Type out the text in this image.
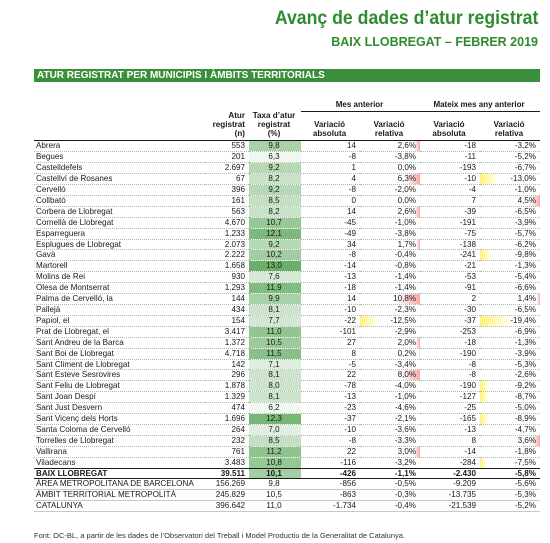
Avanç de dades d’atur registrat
BAIX LLOBREGAT – FEBRER 2019
ATUR REGISTRAT PER MUNICIPIS I ÀMBITS TERRITORIALS
			Mes anterior		Mateix mes any anterior	
	Atur registrat (n)	Taxa d’atur registrat (%)	Variació absoluta	Variació relativa	Variació absoluta	Variació relativa
Abrera	553	9,8	14	2,6%	-18	-3,2%
Begues	201	6,3	-8	-3,8%	-11	-5,2%
Castelldefels	2.697	9,2	1	0,0%	-193	-6,7%
Castellví de Rosanes	67	8,2	4	6,3%	-10	-13,0%
Cervelló	396	9,2	-8	-2,0%	-4	-1,0%
Collbató	161	8,5	0	0,0%	7	4,5%
Corbera de Llobregat	563	8,2	14	2,6%	-39	-6,5%
Cornellà de Llobregat	4.670	10,7	-45	-1,0%	-191	-3,9%
Esparreguera	1.233	12,1	-49	-3,8%	-75	-5,7%
Esplugues de Llobregat	2.073	9,2	34	1,7%	-138	-6,2%
Gavà	2.222	10,2	-8	-0,4%	-241	-9,8%
Martorell	1.658	13,0	-14	-0,8%	-21	-1,3%
Molins de Rei	930	7,6	-13	-1,4%	-53	-5,4%
Olesa de Montserrat	1.293	11,9	-18	-1,4%	-91	-6,6%
Palma de Cervelló, la	144	9,9	14	10,8%	2	1,4%
Pallejà	434	8,1	-10	-2,3%	-30	-6,5%
Papiol, el	154	7,7	-22	-12,5%	-37	-19,4%
Prat de Llobregat, el	3.417	11,0	-101	-2,9%	-253	-6,9%
Sant Andreu de la Barca	1.372	10,5	27	2,0%	-18	-1,3%
Sant Boi de Llobregat	4.718	11,5	8	0,2%	-190	-3,9%
Sant Climent de Llobregat	142	7,1	-5	-3,4%	-8	-5,3%
Sant Esteve Sesrovires	296	8,1	22	8,0%	-8	-2,6%
Sant Feliu de Llobregat	1.878	8,0	-78	-4,0%	-190	-9,2%
Sant Joan Despí	1.329	8,1	-13	-1,0%	-127	-8,7%
Sant Just Desvern	474	6,2	-23	-4,6%	-25	-5,0%
Sant Vicenç dels Horts	1.696	12,3	-37	-2,1%	-165	-8,9%
Santa Coloma de Cervelló	264	7,0	-10	-3,6%	-13	-4,7%
Torrelles de Llobregat	232	8,5	-8	-3,3%	8	3,6%
Vallirana	761	11,2	22	3,0%	-14	-1,8%
Viladecans	3.483	10,8	-116	-3,2%	-284	-7,5%
BAIX LLOBREGAT	39.511	10,1	-426	-1,1%	-2.430	-5,8%
ÀREA METROPOLITANA DE BARCELONA	156.269	9,8	-856	-0,5%	-9.209	-5,6%
ÀMBIT TERRITORIAL METROPOLITÀ	245.829	10,5	-863	-0,3%	-13.735	-5,3%
CATALUNYA	396.642	11,0	-1.734	-0,4%	-21.539	-5,2%
Font: OC-BL, a partir de les dades de l’Observatori del Treball i Model Productiu de la Generalitat de Catalunya.
